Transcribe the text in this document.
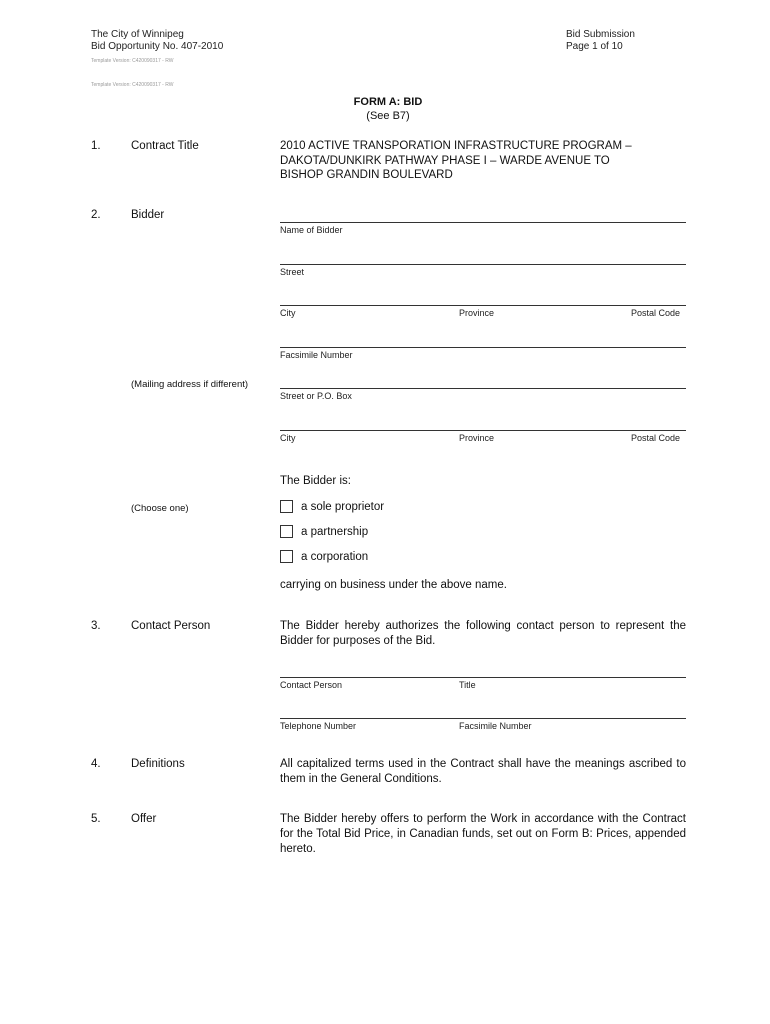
The City of Winnipeg
Bid Opportunity No. 407-2010
Bid Submission
Page 1 of 10
Template Version: C420090317 - RW
Template Version: C420090317 - RW
FORM A: BID
(See B7)
1.	Contract Title	2010 ACTIVE TRANSPORATION INFRASTRUCTURE PROGRAM –
DAKOTA/DUNKIRK PATHWAY PHASE I – WARDE AVENUE TO
BISHOP GRANDIN BOULEVARD
2.	Bidder
Name of Bidder
Street
City	Province	Postal Code
Facsimile Number
(Mailing address if different)
Street or P.O. Box
City	Province	Postal Code
The Bidder is:
(Choose one)	a sole proprietor
a partnership
a corporation
carrying on business under the above name.
3.	Contact Person	The Bidder hereby authorizes the following contact person to represent the Bidder for purposes of the Bid.
Contact Person	Title
Telephone Number	Facsimile Number
4.	Definitions	All capitalized terms used in the Contract shall have the meanings ascribed to them in the General Conditions.
5.	Offer	The Bidder hereby offers to perform the Work in accordance with the Contract for the Total Bid Price, in Canadian funds, set out on Form B: Prices, appended hereto.
